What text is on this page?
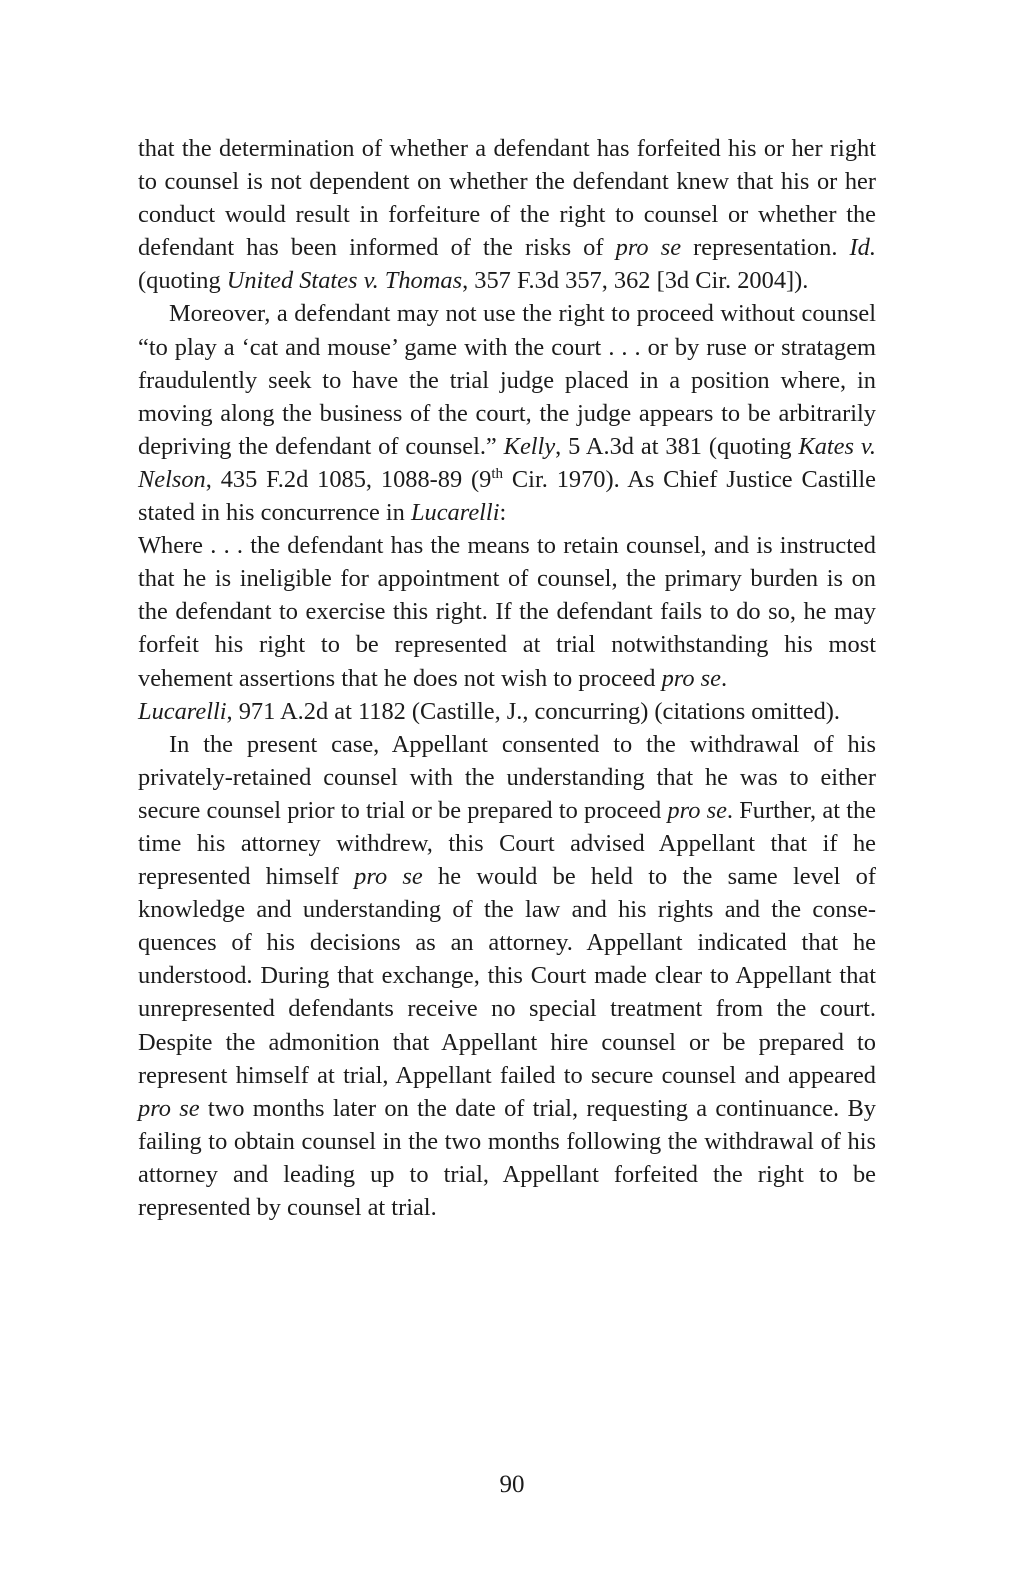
that the determination of whether a defendant has forfeited his or her right to counsel is not dependent on whether the defendant knew that his or her conduct would result in forfeiture of the right to counsel or whether the defendant has been informed of the risks of pro se representation. Id. (quoting United States v. Thomas, 357 F.3d 357, 362 [3d Cir. 2004]).

Moreover, a defendant may not use the right to proceed without counsel “to play a ‘cat and mouse’ game with the court . . . or by ruse or stratagem fraudulently seek to have the trial judge placed in a position where, in moving along the business of the court, the judge appears to be arbitrarily depriving the defendant of counsel.” Kelly, 5 A.3d at 381 (quoting Kates v. Nelson, 435 F.2d 1085, 1088-89 (9th Cir. 1970). As Chief Justice Castille stated in his concurrence in Lucarelli:

Where . . . the defendant has the means to retain counsel, and is instructed that he is ineligible for appointment of counsel, the primary burden is on the defendant to exercise this right. If the defendant fails to do so, he may forfeit his right to be represented at trial notwithstanding his most vehement assertions that he does not wish to proceed pro se.

Lucarelli, 971 A.2d at 1182 (Castille, J., concurring) (citations omitted).

In the present case, Appellant consented to the withdrawal of his privately-retained counsel with the understanding that he was to either secure counsel prior to trial or be prepared to proceed pro se. Further, at the time his attorney withdrew, this Court advised Appellant that if he represented himself pro se he would be held to the same level of knowledge and understanding of the law and his rights and the consequences of his decisions as an attorney. Appellant indicated that he understood. During that exchange, this Court made clear to Appellant that unrepresented defendants receive no special treatment from the court. Despite the admonition that Appellant hire counsel or be prepared to represent himself at trial, Appellant failed to secure counsel and appeared pro se two months later on the date of trial, requesting a continuance. By failing to obtain counsel in the two months following the withdrawal of his attorney and leading up to trial, Appellant forfeited the right to be represented by counsel at trial.

90
